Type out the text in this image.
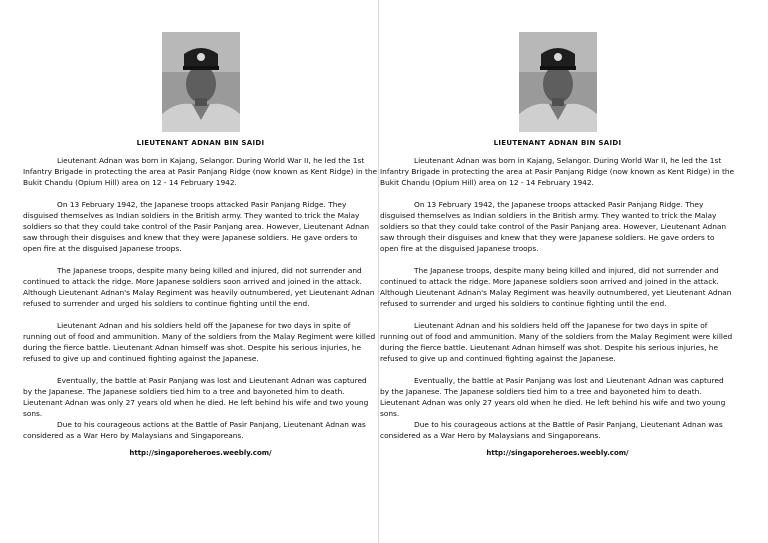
LIEUTENANT ADNAN BIN SAIDI

Lieutenant Adnan was born in Kajang, Selangor. During World War II, he led the 1st Infantry Brigade in protecting the area at Pasir Panjang Ridge (now known as Kent Ridge) in the Bukit Chandu (Opium Hill) area on 12 - 14 February 1942.

On 13 February 1942, the Japanese troops attacked Pasir Panjang Ridge. They disguised themselves as Indian soldiers in the British army. They wanted to trick the Malay soldiers so that they could take control of the Pasir Panjang area. However, Lieutenant Adnan saw through their disguises and knew that they were Japanese soldiers. He gave orders to open fire at the disguised Japanese troops.

The Japanese troops, despite many being killed and injured, did not surrender and continued to attack the ridge. More Japanese soldiers soon arrived and joined in the attack. Although Lieutenant Adnan's Malay Regiment was heavily outnumbered, yet Lieutenant Adnan refused to surrender and urged his soldiers to continue fighting until the end.

Lieutenant Adnan and his soldiers held off the Japanese for two days in spite of running out of food and ammunition. Many of the soldiers from the Malay Regiment were killed during the fierce battle. Lieutenant Adnan himself was shot. Despite his serious injuries, he refused to give up and continued fighting against the Japanese.

Eventually, the battle at Pasir Panjang was lost and Lieutenant Adnan was captured by the Japanese. The Japanese soldiers tied him to a tree and bayoneted him to death. Lieutenant Adnan was only 27 years old when he died. He left behind his wife and two young sons.

Due to his courageous actions at the Battle of Pasir Panjang, Lieutenant Adnan was considered as a War Hero by Malaysians and Singaporeans.

http://singaporeheroes.weebly.com/
LIEUTENANT ADNAN BIN SAIDI

Lieutenant Adnan was born in Kajang, Selangor. During World War II, he led the 1st Infantry Brigade in protecting the area at Pasir Panjang Ridge (now known as Kent Ridge) in the Bukit Chandu (Opium Hill) area on 12 - 14 February 1942.

On 13 February 1942, the Japanese troops attacked Pasir Panjang Ridge. They disguised themselves as Indian soldiers in the British army. They wanted to trick the Malay soldiers so that they could take control of the Pasir Panjang area. However, Lieutenant Adnan saw through their disguises and knew that they were Japanese soldiers. He gave orders to open fire at the disguised Japanese troops.

The Japanese troops, despite many being killed and injured, did not surrender and continued to attack the ridge. More Japanese soldiers soon arrived and joined in the attack. Although Lieutenant Adnan's Malay Regiment was heavily outnumbered, yet Lieutenant Adnan refused to surrender and urged his soldiers to continue fighting until the end.

Lieutenant Adnan and his soldiers held off the Japanese for two days in spite of running out of food and ammunition. Many of the soldiers from the Malay Regiment were killed during the fierce battle. Lieutenant Adnan himself was shot. Despite his serious injuries, he refused to give up and continued fighting against the Japanese.

Eventually, the battle at Pasir Panjang was lost and Lieutenant Adnan was captured by the Japanese. The Japanese soldiers tied him to a tree and bayoneted him to death. Lieutenant Adnan was only 27 years old when he died. He left behind his wife and two young sons.

Due to his courageous actions at the Battle of Pasir Panjang, Lieutenant Adnan was considered as a War Hero by Malaysians and Singaporeans.

http://singaporeheroes.weebly.com/
